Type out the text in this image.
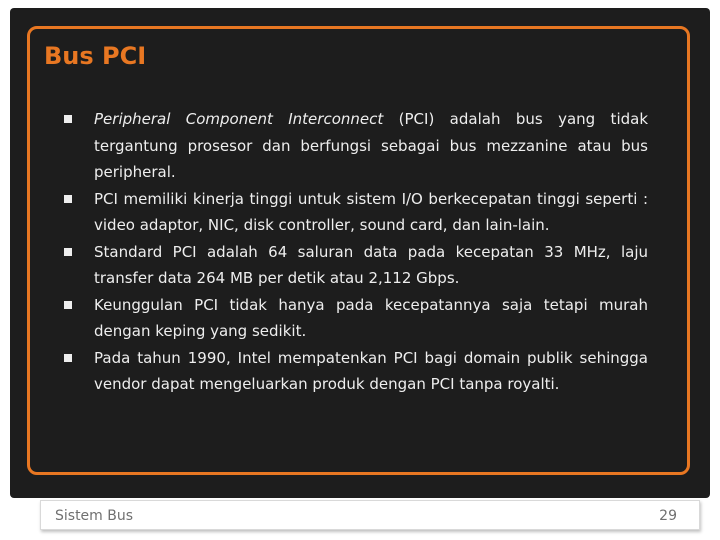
Bus PCI
Peripheral Component Interconnect (PCI) adalah bus yang tidak tergantung prosesor dan berfungsi sebagai bus mezzanine atau bus peripheral.
PCI memiliki kinerja tinggi untuk sistem I/O berkecepatan tinggi seperti : video adaptor, NIC, disk controller, sound card, dan lain-lain.
Standard PCI adalah 64 saluran data pada kecepatan 33 MHz, laju transfer data 264 MB per detik atau 2,112 Gbps.
Keunggulan PCI tidak hanya pada kecepatannya saja tetapi murah dengan keping yang sedikit.
Pada tahun 1990, Intel mempatenkan PCI bagi domain publik sehingga vendor dapat mengeluarkan produk dengan PCI tanpa royalti.
Sistem Bus	29
